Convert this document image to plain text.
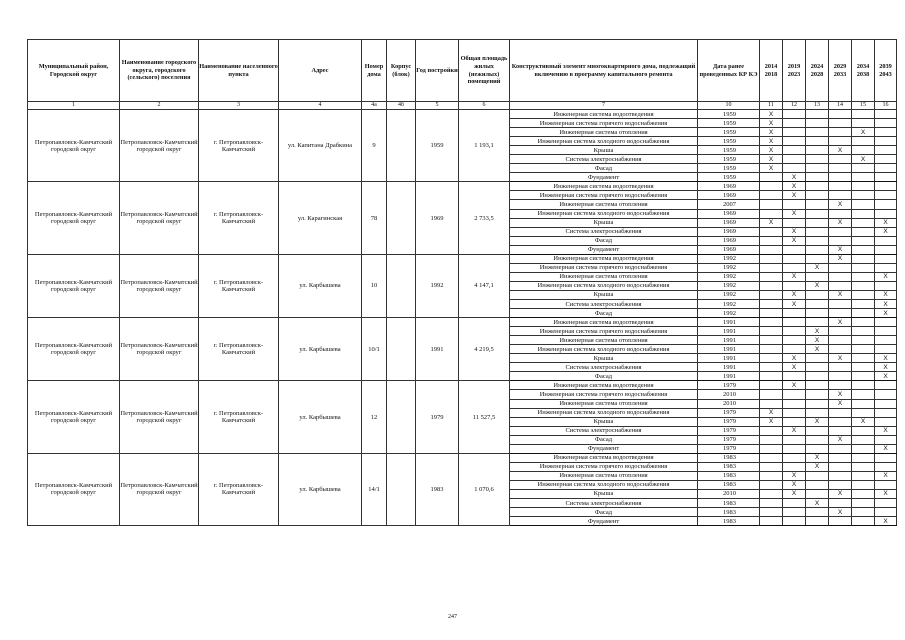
Муниципальный район, Городской округ	Наименование городского округа, городского (сельского) поселения	Наименование населенного пункта	Адрес	Номер дома	Корпус (блок)	Год постройки	Общая площадь жилых (нежилых) помещений	Конструктивный элемент многоквартирного дома, подлежащий включению в программу капитального ремонта	Дата ранее проведенных КР КЭ	2014 2018	2019 2023	2024 2028	2029 2033	2034 2038	2039 2043
1	2	3	4	4а	4б	5	6	7	10	11	12	13	14	15	16
Петропавловск-Камчатский городской округ	Петропавловск-Камчатский городской округ	г. Петропавловск-Камчатский	ул. Капитана Драбкина	9		1959	1 193,1	Инженерная система водоотведения	1959	X					
								Инженерная система горячего водоснабжения	1959	X					
								Инженерная система отопления	1959	X				X	
								Инженерная система холодного водоснабжения	1959	X					
								Крыша	1959	X			X		
								Система электроснабжения	1959	X				X	
								Фасад	1959	X					
								Фундамент	1959		X				
Петропавловск-Камчатский городской округ	Петропавловск-Камчатский городской округ	г. Петропавловск-Камчатский	ул. Карагинская	78		1969	2 733,5	Инженерная система водоотведения	1969		X				
								Инженерная система горячего водоснабжения	1969		X				
								Инженерная система отопления	2007				X		
								Инженерная система холодного водоснабжения	1969		X				
								Крыша	1969	X			X		X
								Система электроснабжения	1969		X				X
								Фасад	1969		X				
								Фундамент	1969				X		
Петропавловск-Камчатский городской округ	Петропавловск-Камчатский городской округ	г. Петропавловск-Камчатский	ул. Карбышева	10		1992	4 147,1	Инженерная система водоотведения	1992				X		
								Инженерная система горячего водоснабжения	1992			X			
								Инженерная система отопления	1992		X				X
								Инженерная система холодного водоснабжения	1992			X			
								Крыша	1992		X		X		X
								Система электроснабжения	1992		X				X
								Фасад	1992						X
Петропавловск-Камчатский городской округ	Петропавловск-Камчатский городской округ	г. Петропавловск-Камчатский	ул. Карбышева	10/1		1991	4 219,5	Инженерная система водоотведения	1991				X		
								Инженерная система горячего водоснабжения	1991			X			
								Инженерная система отопления	1991			X			
								Инженерная система холодного водоснабжения	1991			X			
								Крыша	1991		X		X		X
								Система электроснабжения	1991		X				X
								Фасад	1991						X
Петропавловск-Камчатский городской округ	Петропавловск-Камчатский городской округ	г. Петропавловск-Камчатский	ул. Карбышева	12		1979	11 527,5	Инженерная система водоотведения	1979		X				
								Инженерная система горячего водоснабжения	2010				X		
								Инженерная система отопления	2010				X		
								Инженерная система холодного водоснабжения	1979	X					
								Крыша	1979	X		X		X	
								Система электроснабжения	1979		X				X
								Фасад	1979				X		
								Фундамент	1979						X
Петропавловск-Камчатский городской округ	Петропавловск-Камчатский городской округ	г. Петропавловск-Камчатский	ул. Карбышева	14/1		1983	1 070,6	Инженерная система водоотведения	1983			X			
								Инженерная система горячего водоснабжения	1983			X			
								Инженерная система отопления	1983		X				X
								Инженерная система холодного водоснабжения	1983		X				
								Крыша	2010		X		X		X
								Система электроснабжения	1983			X			
								Фасад	1983				X		
								Фундамент	1983						X
247
